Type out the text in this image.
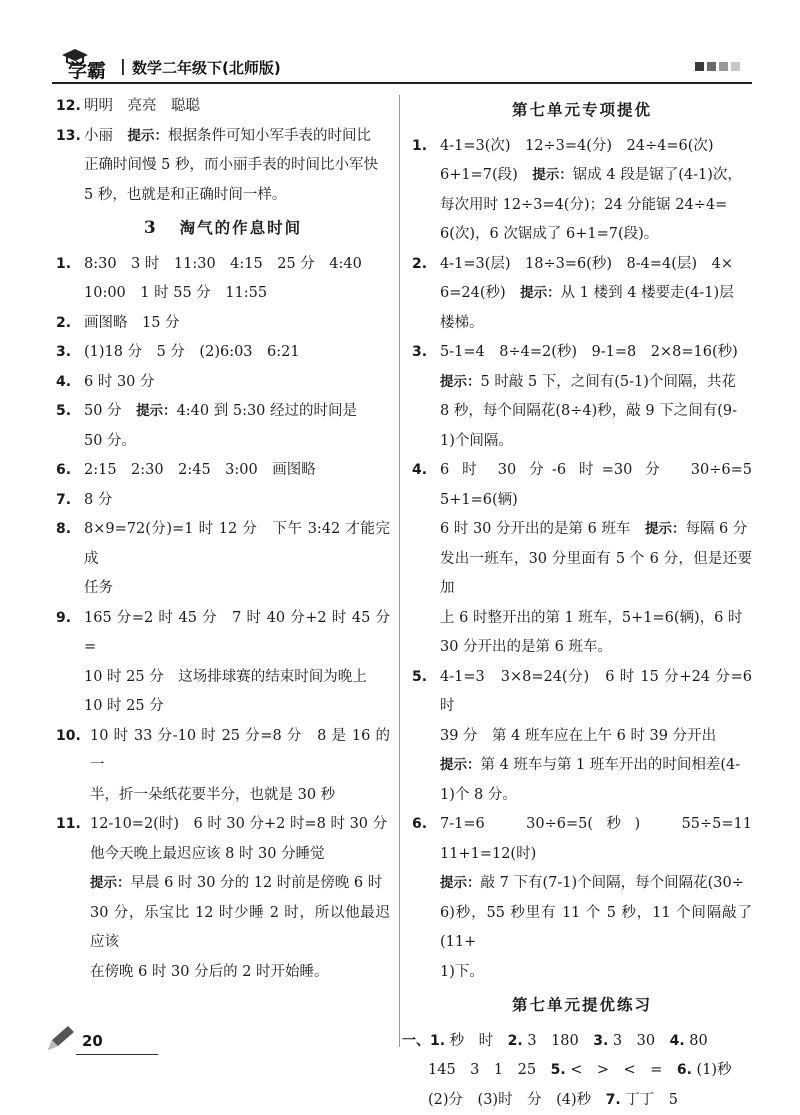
学霸 | 数学二年级下(北师版)
12. 明明　亮亮　聪聪
13. 小丽　提示：根据条件可知小军手表的时间比
正确时间慢 5 秒，而小丽手表的时间比小军快
5 秒，也就是和正确时间一样。
3 淘气的作息时间
1. 8:30　3 时　11:30　4:15　25 分　4:40
10:00　1 时 55 分　11:55
2. 画图略　15 分
3. (1)18 分　5 分　(2)6:03　6:21
4. 6 时 30 分
5. 50 分　提示：4:40 到 5:30 经过的时间是
50 分。
6. 2:15　2:30　2:45　3:00　画图略
7. 8 分
8. 8×9=72(分)=1 时 12 分　下午 3:42 才能完成
任务
9. 165 分=2 时 45 分　7 时 40 分+2 时 45 分=
10 时 25 分　这场排球赛的结束时间为晚上
10 时 25 分
10. 10 时 33 分-10 时 25 分=8 分　8 是 16 的一
半，折一朵纸花要半分，也就是 30 秒
11. 12-10=2(时)　6 时 30 分+2 时=8 时 30 分
他今天晚上最迟应该 8 时 30 分睡觉
提示：早晨 6 时 30 分的 12 时前是傍晚 6 时
30 分，乐宝比 12 时少睡 2 时，所以他最迟应该
在傍晚 6 时 30 分后的 2 时开始睡。
第七单元专项提优
1. 4-1=3(次)　12÷3=4(分)　24÷4=6(次)
6+1=7(段)　提示：锯成 4 段是锯了(4-1)次，
每次用时 12÷3=4(分)；24 分能锯 24÷4=
6(次)，6 次锯成了 6+1=7(段)。
2. 4-1=3(层)　18÷3=6(秒)　8-4=4(层)　4×
6=24(秒)　提示：从 1 楼到 4 楼要走(4-1)层
楼梯。
3. 5-1=4　8÷4=2(秒)　9-1=8　2×8=16(秒)
提示：5 时敲 5 下，之间有(5-1)个间隔，共花
8 秒，每个间隔花(8÷4)秒，敲 9 下之间有(9-
1)个间隔。
4. 6 时 30 分-6 时=30 分　30÷6=5　5+1=6(辆)
6 时 30 分开出的是第 6 班车　提示：每隔 6 分
发出一班车，30 分里面有 5 个 6 分，但是还要加
上 6 时整开出的第 1 班车，5+1=6(辆)，6 时
30 分开出的是第 6 班车。
5. 4-1=3　3×8=24(分)　6 时 15 分+24 分=6 时
39 分　第 4 班车应在上午 6 时 39 分开出
提示：第 4 班车与第 1 班车开出的时间相差(4-
1)个 8 分。
6. 7-1=6　30÷6=5(秒)　55÷5=11　11+1=12(时)
提示：敲 7 下有(7-1)个间隔，每个间隔花(30÷
6)秒，55 秒里有 11 个 5 秒，11 个间隔敲了(11+
1)下。
第七单元提优练习
一、1. 秒　时　2. 3　180　3. 3　30　4. 80
145　3　1　25　5. <　>　<　=　6. (1)秒
(2)分　(3)时　分　(4)秒　7. 丁丁　5
20
